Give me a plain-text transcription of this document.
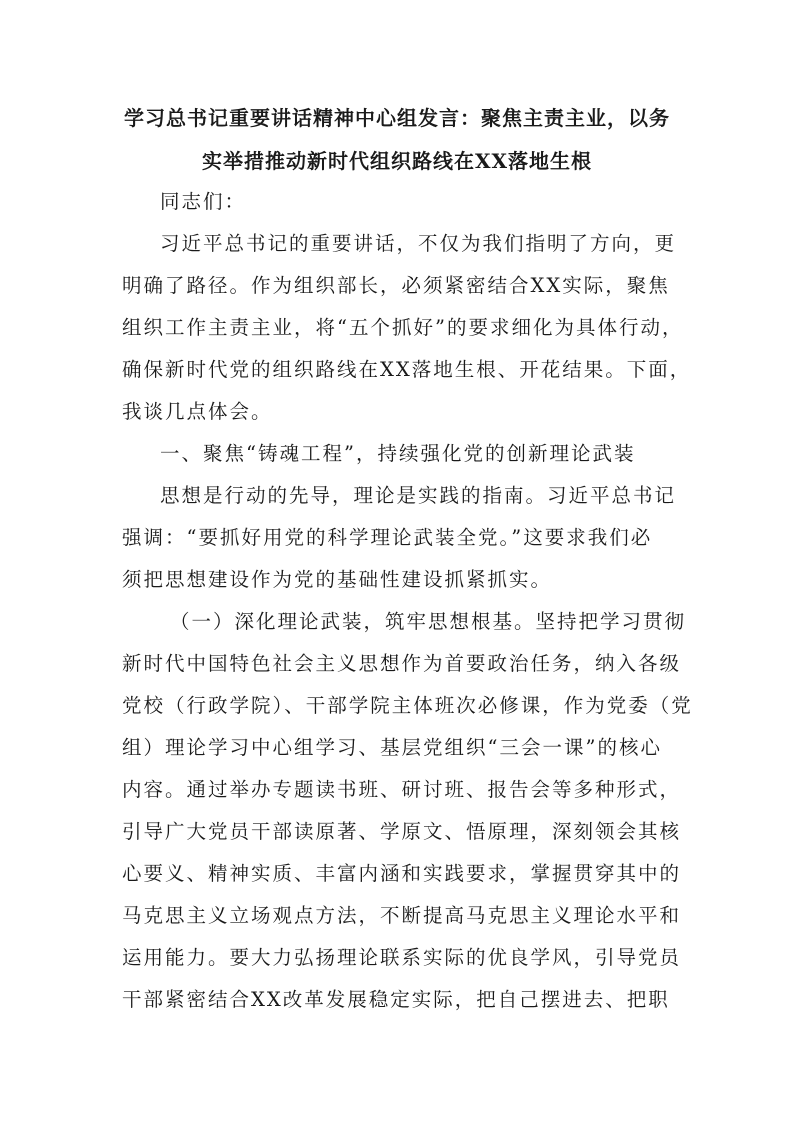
学习总书记重要讲话精神中心组发言：聚焦主责主业，以务
实举措推动新时代组织路线在XX落地生根
同志们：
习近平总书记的重要讲话，不仅为我们指明了方向，更
明确了路径。作为组织部长，必须紧密结合XX实际，聚焦
组织工作主责主业，将“五个抓好”的要求细化为具体行动，
确保新时代党的组织路线在XX落地生根、开花结果。下面，
我谈几点体会。
一、聚焦“铸魂工程”，持续强化党的创新理论武装
思想是行动的先导，理论是实践的指南。习近平总书记
强调：“要抓好用党的科学理论武装全党。”这要求我们必
须把思想建设作为党的基础性建设抓紧抓实。
（一）深化理论武装，筑牢思想根基。坚持把学习贯彻
新时代中国特色社会主义思想作为首要政治任务，纳入各级
党校（行政学院）、干部学院主体班次必修课，作为党委（党
组）理论学习中心组学习、基层党组织“三会一课”的核心
内容。通过举办专题读书班、研讨班、报告会等多种形式，
引导广大党员干部读原著、学原文、悟原理，深刻领会其核
心要义、精神实质、丰富内涵和实践要求，掌握贯穿其中的
马克思主义立场观点方法，不断提高马克思主义理论水平和
运用能力。要大力弘扬理论联系实际的优良学风，引导党员
干部紧密结合XX改革发展稳定实际，把自己摆进去、把职
